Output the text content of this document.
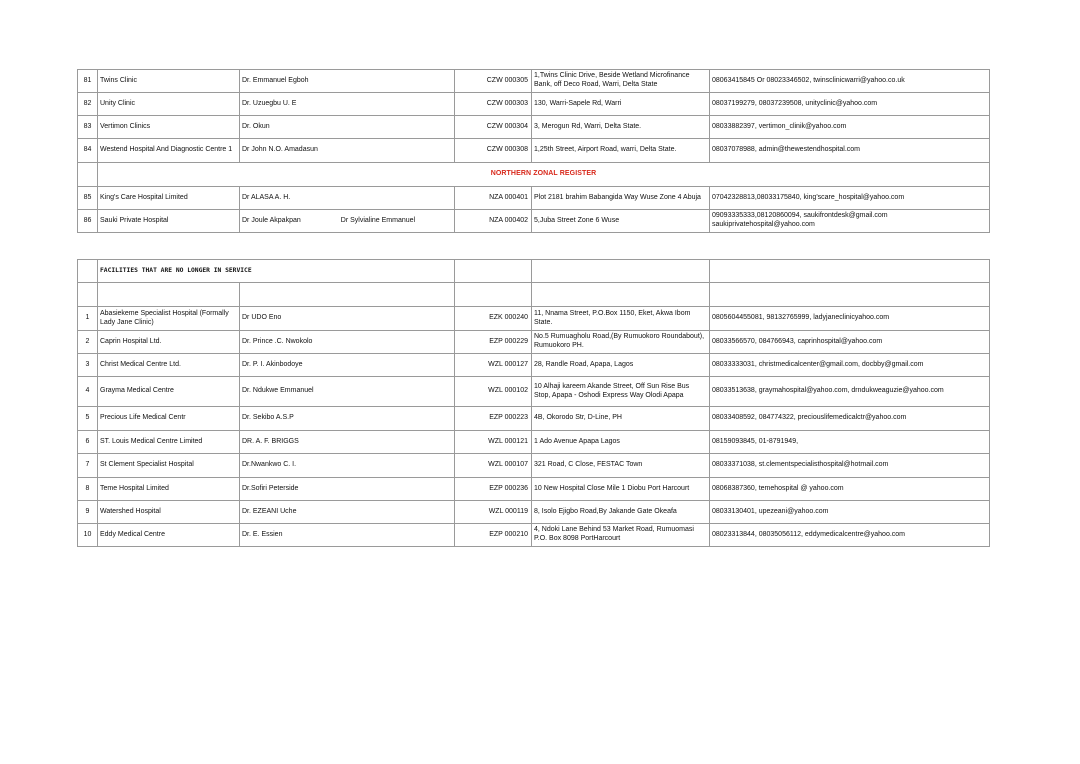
81	Twins Clinic	Dr. Emmanuel Egboh	CZW 000305	1,Twins Clinic Drive, Beside Wetland Microfinance Bank, off Deco Road, Warri, Delta State	08063415845 Or 08023346502, twinsclinicwarri@yahoo.co.uk
82	Unity Clinic	Dr. Uzuegbu U. E	CZW 000303	130, Warri-Sapele Rd, Warri	08037199279, 08037239508, unityclinic@yahoo.com
83	Vertimon Clinics	Dr. Okun	CZW 000304	3, Merogun Rd, Warri, Delta State.	08033882397, vertimon_clinik@yahoo.com
84	Westend Hospital And Diagnostic Centre 1	Dr John N.O. Amadasun	CZW 000308	1,25th Street, Airport Road, warri, Delta State.	08037078988, admin@thewestendhospital.com
	NORTHERN ZONAL REGISTER				
85	King's Care Hospital Limited	Dr ALASA A. H.	NZA 000401	Plot 2181 brahim Babangida Way Wuse Zone 4 Abuja	07042328813,08033175840, king'scare_hospital@yahoo.com
86	Sauki Private Hospital	Dr Joule Akpakpan Dr Sylvialine Emmanuel	NZA 000402	5,Juba Street Zone 6 Wuse	09093335333,08120860094, saukifrontdesk@gmail.com saukiprivatehospital@yahoo.com
	FACILITIES THAT ARE NO LONGER IN SERVICE				

1	Abasiekeme Specialist Hospital (Formally Lady Jane Clinic)	Dr UDO Eno	EZK 000240	11, Nnama Street, P.O.Box 1150, Eket, Akwa Ibom State.	0805604455081, 98132765999, ladyjaneclinicyahoo.com
2	Caprin Hospital Ltd.	Dr. Prince .C. Nwokolo	EZP 000229	No.5 Rumuagholu Road,(By Rumuokoro Roundabout), Rumuokoro PH.	08033566570, 084766943, caprinhospital@yahoo.com
3	Christ Medical Centre Ltd.	Dr. P. I. Akinbodoye	WZL 000127	28, Randle Road, Apapa, Lagos	08033333031, christmedicalcenter@gmail.com, docbby@gmail.com
4	Grayma Medical Centre	Dr. Ndukwe Emmanuel	WZL 000102	10 Alhaji kareem Akande Street, Off Sun Rise Bus Stop, Apapa - Oshodi Express Way Olodi Apapa	08033513638, graymahospital@yahoo.com, drndukweaguzie@yahoo.com
5	Precious Life Medical Centr	Dr. Sekibo A.S.P	EZP 000223	4B, Okorodo Str, D-Line, PH	08033408592, 084774322, preciouslifemedicalctr@yahoo.com
6	ST. Louis Medical Centre Limited	DR. A. F. BRIGGS	WZL 000121	1 Ado Avenue Apapa Lagos	08159093845, 01-8791949,
7	St Clement Specialist Hospital	Dr.Nwankwo C. I.	WZL 000107	321 Road, C Close, FESTAC Town	08033371038, st.clementspecialisthospital@hotmail.com
8	Teme Hospital Limited	Dr.Sofiri Peterside	EZP 000236	10 New Hospital Close Mile 1 Diobu Port Harcourt	08068387360, temehospital @ yahoo.com
9	Watershed Hospital	Dr. EZEANI Uche	WZL 000119	8, Isolo Ejigbo Road,By Jakande Gate Okeafa	08033130401, upezeani@yahoo.com
10	Eddy Medical Centre	Dr. E. Essien	EZP 000210	4, Ndoki Lane Behind 53 Market Road, Rumuomasi P.O. Box 8098 PortHarcourt	08023313844, 08035056112, eddymedicalcentre@yahoo.com
